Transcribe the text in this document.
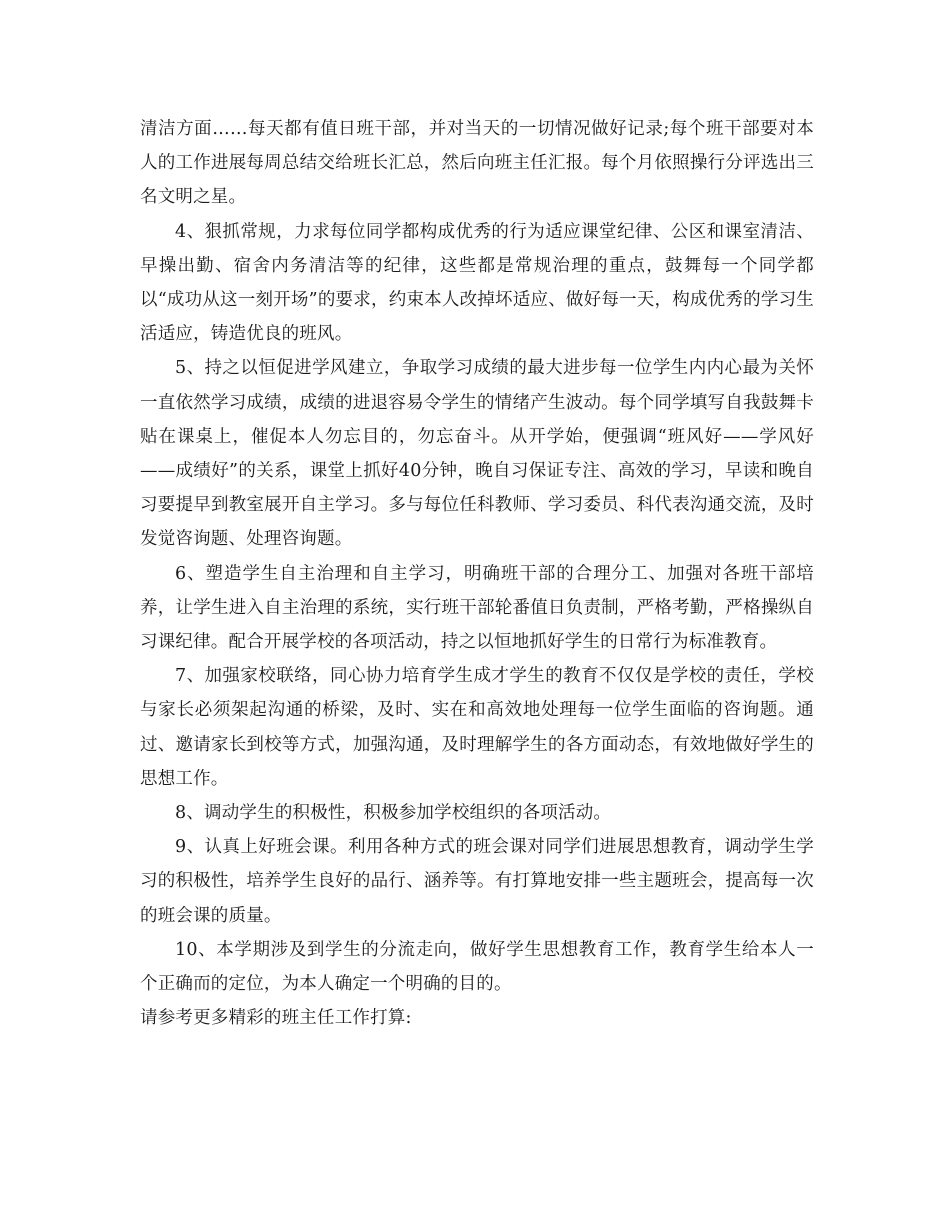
清洁方面……每天都有值日班干部，并对当天的一切情况做好记录;每个班干部要对本人的工作进展每周总结交给班长汇总，然后向班主任汇报。每个月依照操行分评选出三名文明之星。

4、狠抓常规，力求每位同学都构成优秀的行为适应课堂纪律、公区和课室清洁、早操出勤、宿舍内务清洁等的纪律，这些都是常规治理的重点，鼓舞每一个同学都以“成功从这一刻开场”的要求，约束本人改掉坏适应、做好每一天，构成优秀的学习生活适应，铸造优良的班风。

5、持之以恒促进学风建立，争取学习成绩的最大进步每一位学生内内心最为关怀一直依然学习成绩，成绩的进退容易令学生的情绪产生波动。每个同学填写自我鼓舞卡贴在课桌上，催促本人勿忘目的，勿忘奋斗。从开学始，便强调“班风好——学风好——成绩好”的关系，课堂上抓好40分钟，晚自习保证专注、高效的学习，早读和晚自习要提早到教室展开自主学习。多与每位任科教师、学习委员、科代表沟通交流，及时发觉咨询题、处理咨询题。

6、塑造学生自主治理和自主学习，明确班干部的合理分工、加强对各班干部培养，让学生进入自主治理的系统，实行班干部轮番值日负责制，严格考勤，严格操纵自习课纪律。配合开展学校的各项活动，持之以恒地抓好学生的日常行为标准教育。

7、加强家校联络，同心协力培育学生成才学生的教育不仅仅是学校的责任，学校与家长必须架起沟通的桥梁，及时、实在和高效地处理每一位学生面临的咨询题。通过、邀请家长到校等方式，加强沟通，及时理解学生的各方面动态，有效地做好学生的思想工作。

8、调动学生的积极性，积极参加学校组织的各项活动。

9、认真上好班会课。利用各种方式的班会课对同学们进展思想教育，调动学生学习的积极性，培养学生良好的品行、涵养等。有打算地安排一些主题班会，提高每一次的班会课的质量。

10、本学期涉及到学生的分流走向，做好学生思想教育工作，教育学生给本人一个正确而的定位，为本人确定一个明确的目的。

请参考更多精彩的班主任工作打算:
